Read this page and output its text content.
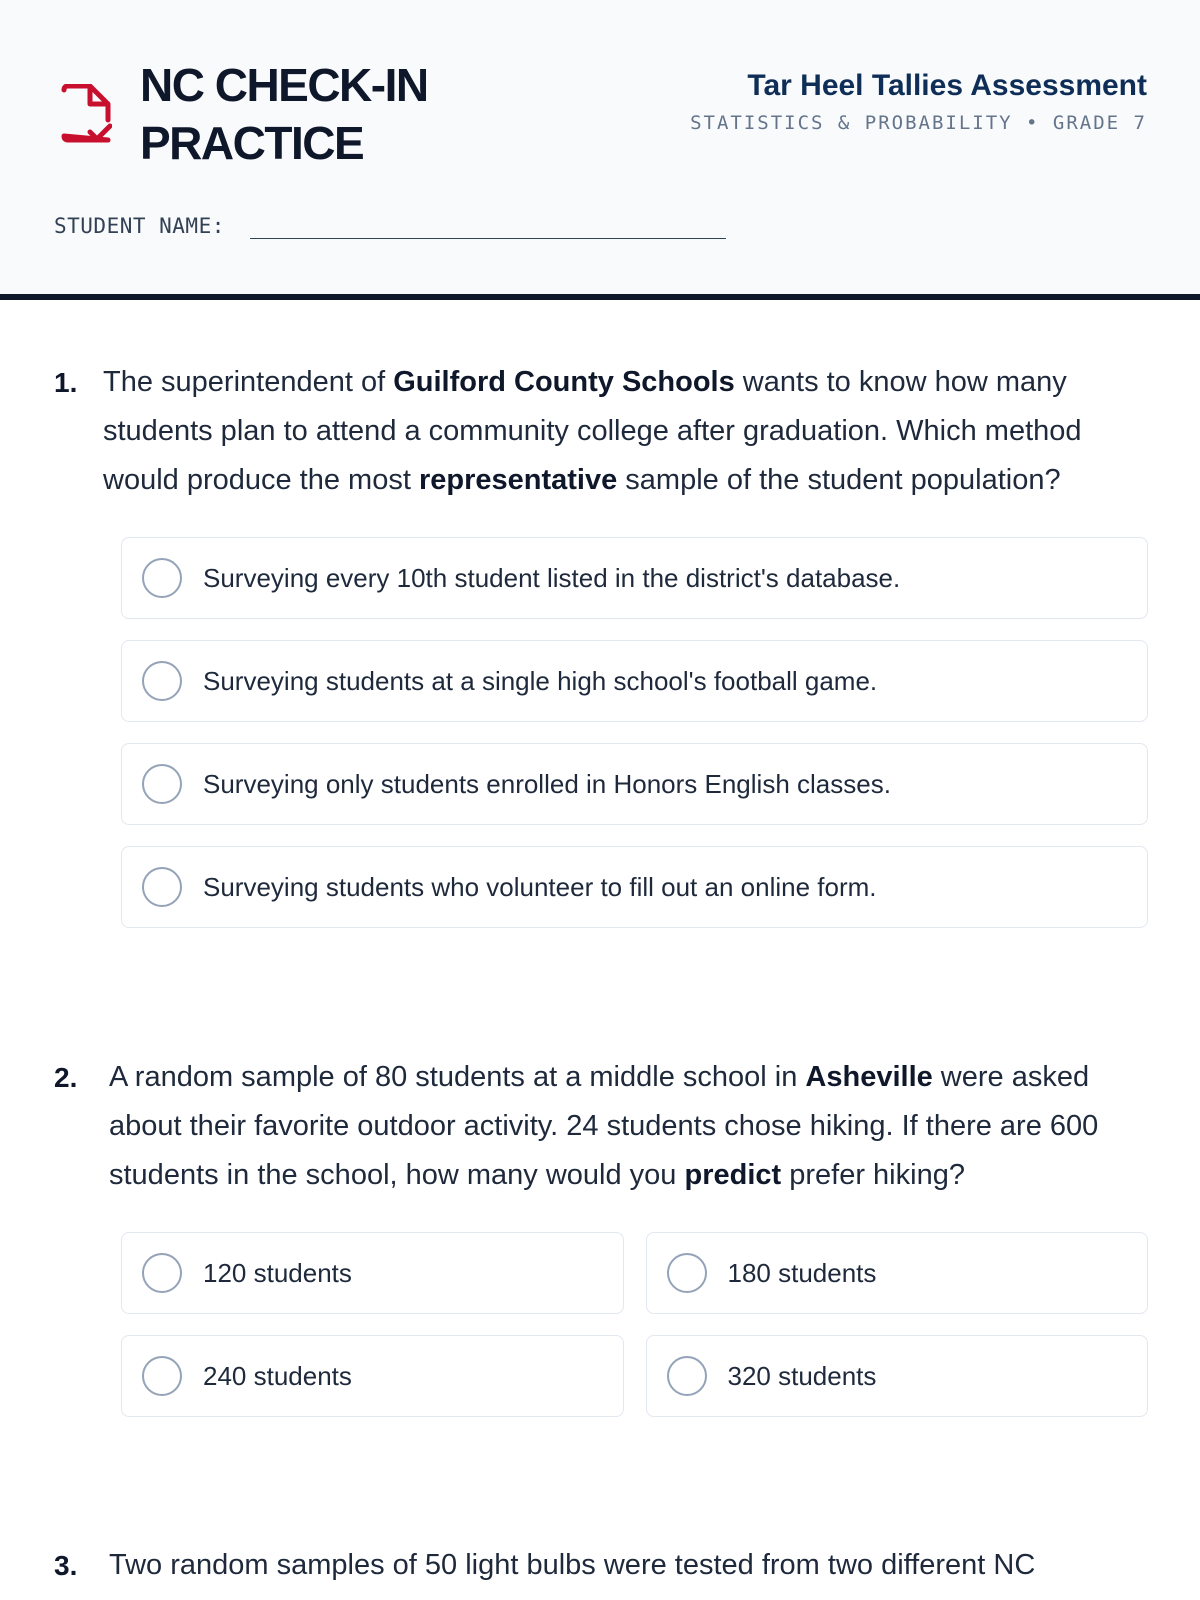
NC CHECK-IN PRACTICE
Tar Heel Tallies Assessment
STATISTICS & PROBABILITY • GRADE 7
STUDENT NAME:
1. The superintendent of Guilford County Schools wants to know how many students plan to attend a community college after graduation. Which method would produce the most representative sample of the student population?

Surveying every 10th student listed in the district's database.
Surveying students at a single high school's football game.
Surveying only students enrolled in Honors English classes.
Surveying students who volunteer to fill out an online form.
2. A random sample of 80 students at a middle school in Asheville were asked about their favorite outdoor activity. 24 students chose hiking. If there are 600 students in the school, how many would you predict prefer hiking?

120 students	180 students
240 students	320 students
3. Two random samples of 50 light bulbs were tested from two different NC
